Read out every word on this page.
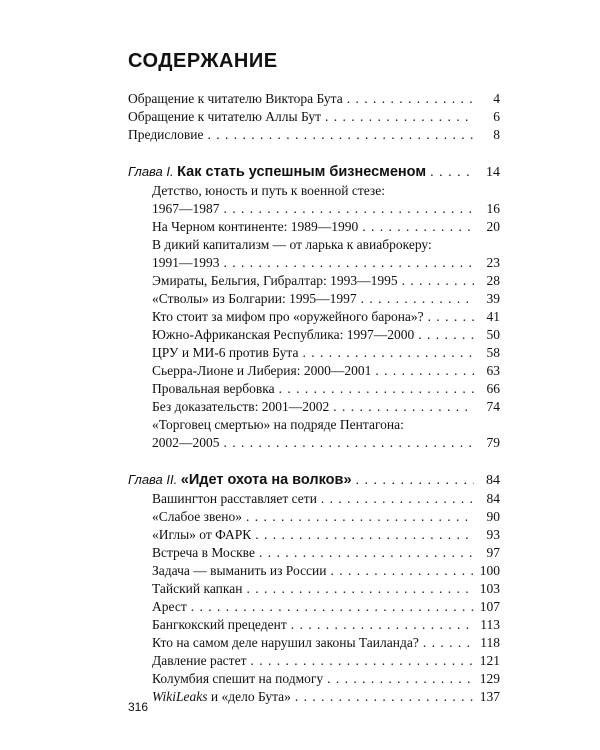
СОДЕРЖАНИЕ
Обращение к читателю Виктора Бута . . .	4
Обращение к читателю Аллы Бут . . .	6
Предисловие . . .	8
Глава I. Как стать успешным бизнесменом . . .	14
Детство, юность и путь к военной стезе:
1967—1987 . . .	16
На Черном континенте: 1989—1990 . . .	20
В дикий капитализм — от ларька к авиаброкеру:
1991—1993 . . .	23
Эмираты, Бельгия, Гибралтар: 1993—1995 . . .	28
«Стволы» из Болгарии: 1995—1997 . . .	39
Кто стоит за мифом про «оружейного барона»? . . .	41
Южно-Африканская Республика: 1997—2000 . . .	50
ЦРУ и МИ-6 против Бута . . .	58
Сьерра-Лионе и Либерия: 2000—2001 . . .	63
Провальная вербовка . . .	66
Без доказательств: 2001—2002 . . .	74
«Торговец смертью» на подряде Пентагона:
2002—2005 . . .	79
Глава II. «Идет охота на волков» . . .	84
Вашингтон расставляет сети . . .	84
«Слабое звено» . . .	90
«Иглы» от ФАРК . . .	93
Встреча в Москве . . .	97
Задача — выманить из России . . .	100
Тайский капкан . . .	103
Арест . . .	107
Бангкокский прецедент . . .	113
Кто на самом деле нарушил законы Таиланда? . . .	118
Давление растет . . .	121
Колумбия спешит на подмогу . . .	129
WikiLeaks и «дело Бута» . . .	137
316
